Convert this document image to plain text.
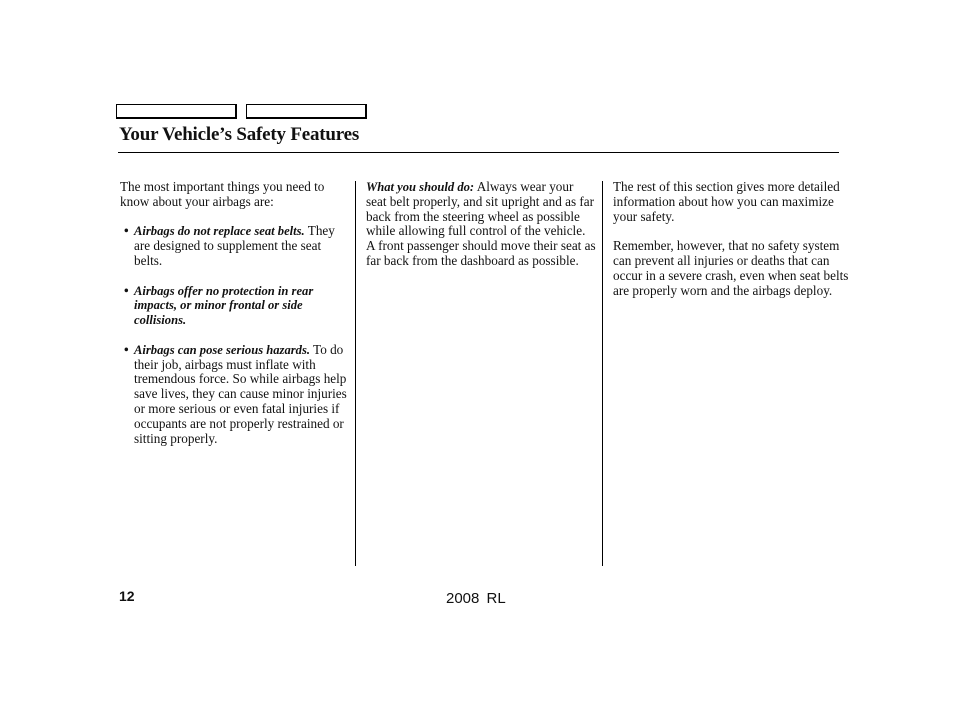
Your Vehicle’s Safety Features

The most important things you need to know about your airbags are:

• Airbags do not replace seat belts. They are designed to supplement the seat belts.
• Airbags offer no protection in rear impacts, or minor frontal or side collisions.
• Airbags can pose serious hazards. To do their job, airbags must inflate with tremendous force. So while airbags help save lives, they can cause minor injuries or more serious or even fatal injuries if occupants are not properly restrained or sitting properly.

What you should do: Always wear your seat belt properly, and sit upright and as far back from the steering wheel as possible while allowing full control of the vehicle. A front passenger should move their seat as far back from the dashboard as possible.

The rest of this section gives more detailed information about how you can maximize your safety.

Remember, however, that no safety system can prevent all injuries or deaths that can occur in a severe crash, even when seat belts are properly worn and the airbags deploy.

12	2008 RL
